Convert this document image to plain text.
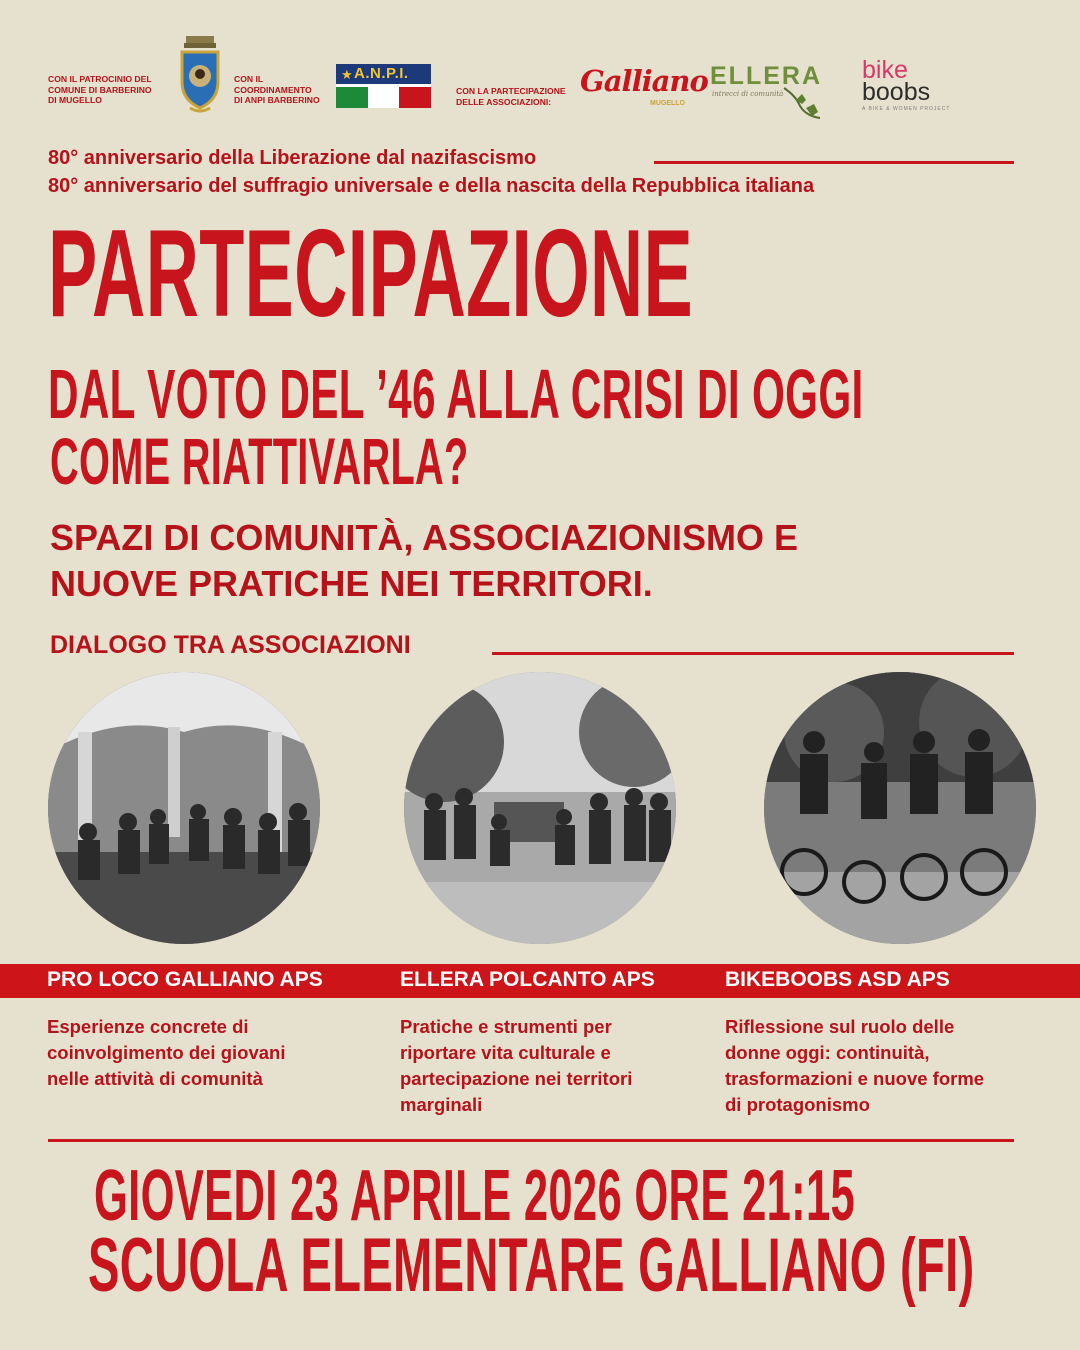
CON IL PATROCINIO DEL
COMUNE DI BARBERINO
DI MUGELLO
CON IL
COORDINAMENTO
DI ANPI BARBERINO
★ A.N.P.I.
CON LA PARTECIPAZIONE
DELLE ASSOCIAZIONI:
Galliano
MUGELLO
ELLERA
intrecci di comunità
bike
boobs
A BIKE & WOMEN PROJECT
80° anniversario della Liberazione dal nazifascismo
80° anniversario del suffragio universale e della nascita della Repubblica italiana
PARTECIPAZIONE
DAL VOTO DEL ’46 ALLA CRISI DI OGGI
COME RIATTIVARLA?
SPAZI DI COMUNITÀ, ASSOCIAZIONISMO E
NUOVE PRATICHE NEI TERRITORI.
DIALOGO TRA ASSOCIAZIONI
PRO LOCO GALLIANO APS	ELLERA POLCANTO APS	BIKEBOOBS ASD APS
Esperienze concrete di
coinvolgimento dei giovani
nelle attività di comunità
Pratiche e strumenti per
riportare vita culturale e
partecipazione nei territori
marginali
Riflessione sul ruolo delle
donne oggi: continuità,
trasformazioni e nuove forme
di protagonismo
GIOVEDI 23 APRILE 2026 ORE 21:15
SCUOLA ELEMENTARE GALLIANO (FI)
